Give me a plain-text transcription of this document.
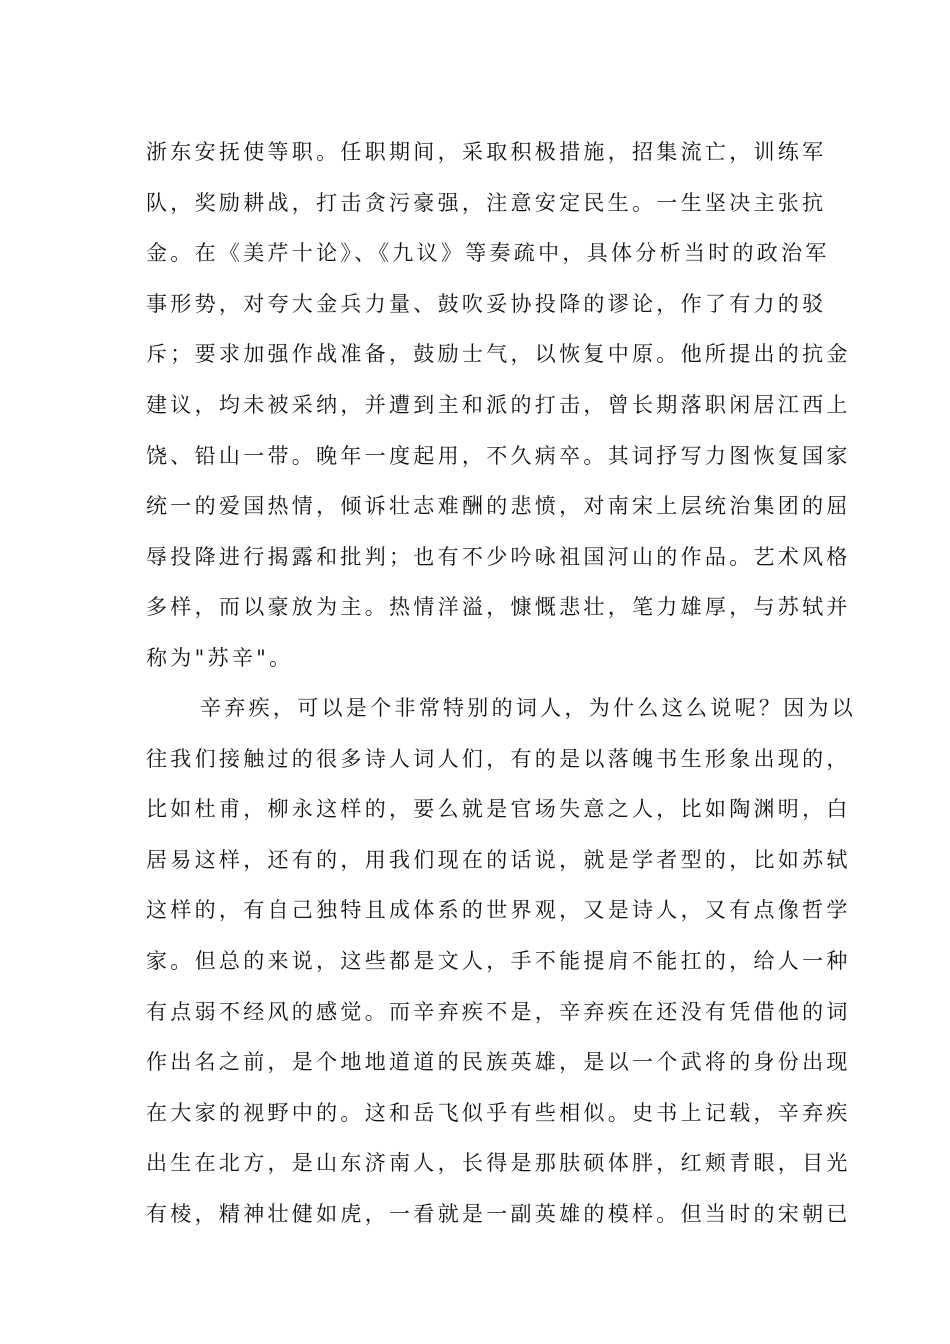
浙东安抚使等职。任职期间，采取积极措施，招集流亡，训练军
队，奖励耕战，打击贪污豪强，注意安定民生。一生坚决主张抗
金。在《美芹十论》、《九议》等奏疏中，具体分析当时的政治军
事形势，对夸大金兵力量、鼓吹妥协投降的谬论，作了有力的驳
斥；要求加强作战准备，鼓励士气，以恢复中原。他所提出的抗金
建议，均未被采纳，并遭到主和派的打击，曾长期落职闲居江西上
饶、铅山一带。晚年一度起用，不久病卒。其词抒写力图恢复国家
统一的爱国热情，倾诉壮志难酬的悲愤，对南宋上层统治集团的屈
辱投降进行揭露和批判；也有不少吟咏祖国河山的作品。艺术风格
多样，而以豪放为主。热情洋溢，慷慨悲壮，笔力雄厚，与苏轼并
称为"苏辛"。
辛弃疾，可以是个非常特别的词人，为什么这么说呢？因为以
往我们接触过的很多诗人词人们，有的是以落魄书生形象出现的，
比如杜甫，柳永这样的，要么就是官场失意之人，比如陶渊明，白
居易这样，还有的，用我们现在的话说，就是学者型的，比如苏轼
这样的，有自己独特且成体系的世界观，又是诗人，又有点像哲学
家。但总的来说，这些都是文人，手不能提肩不能扛的，给人一种
有点弱不经风的感觉。而辛弃疾不是，辛弃疾在还没有凭借他的词
作出名之前，是个地地道道的民族英雄，是以一个武将的身份出现
在大家的视野中的。这和岳飞似乎有些相似。史书上记载，辛弃疾
出生在北方，是山东济南人，长得是那肤硕体胖，红颊青眼，目光
有棱，精神壮健如虎，一看就是一副英雄的模样。但当时的宋朝已
